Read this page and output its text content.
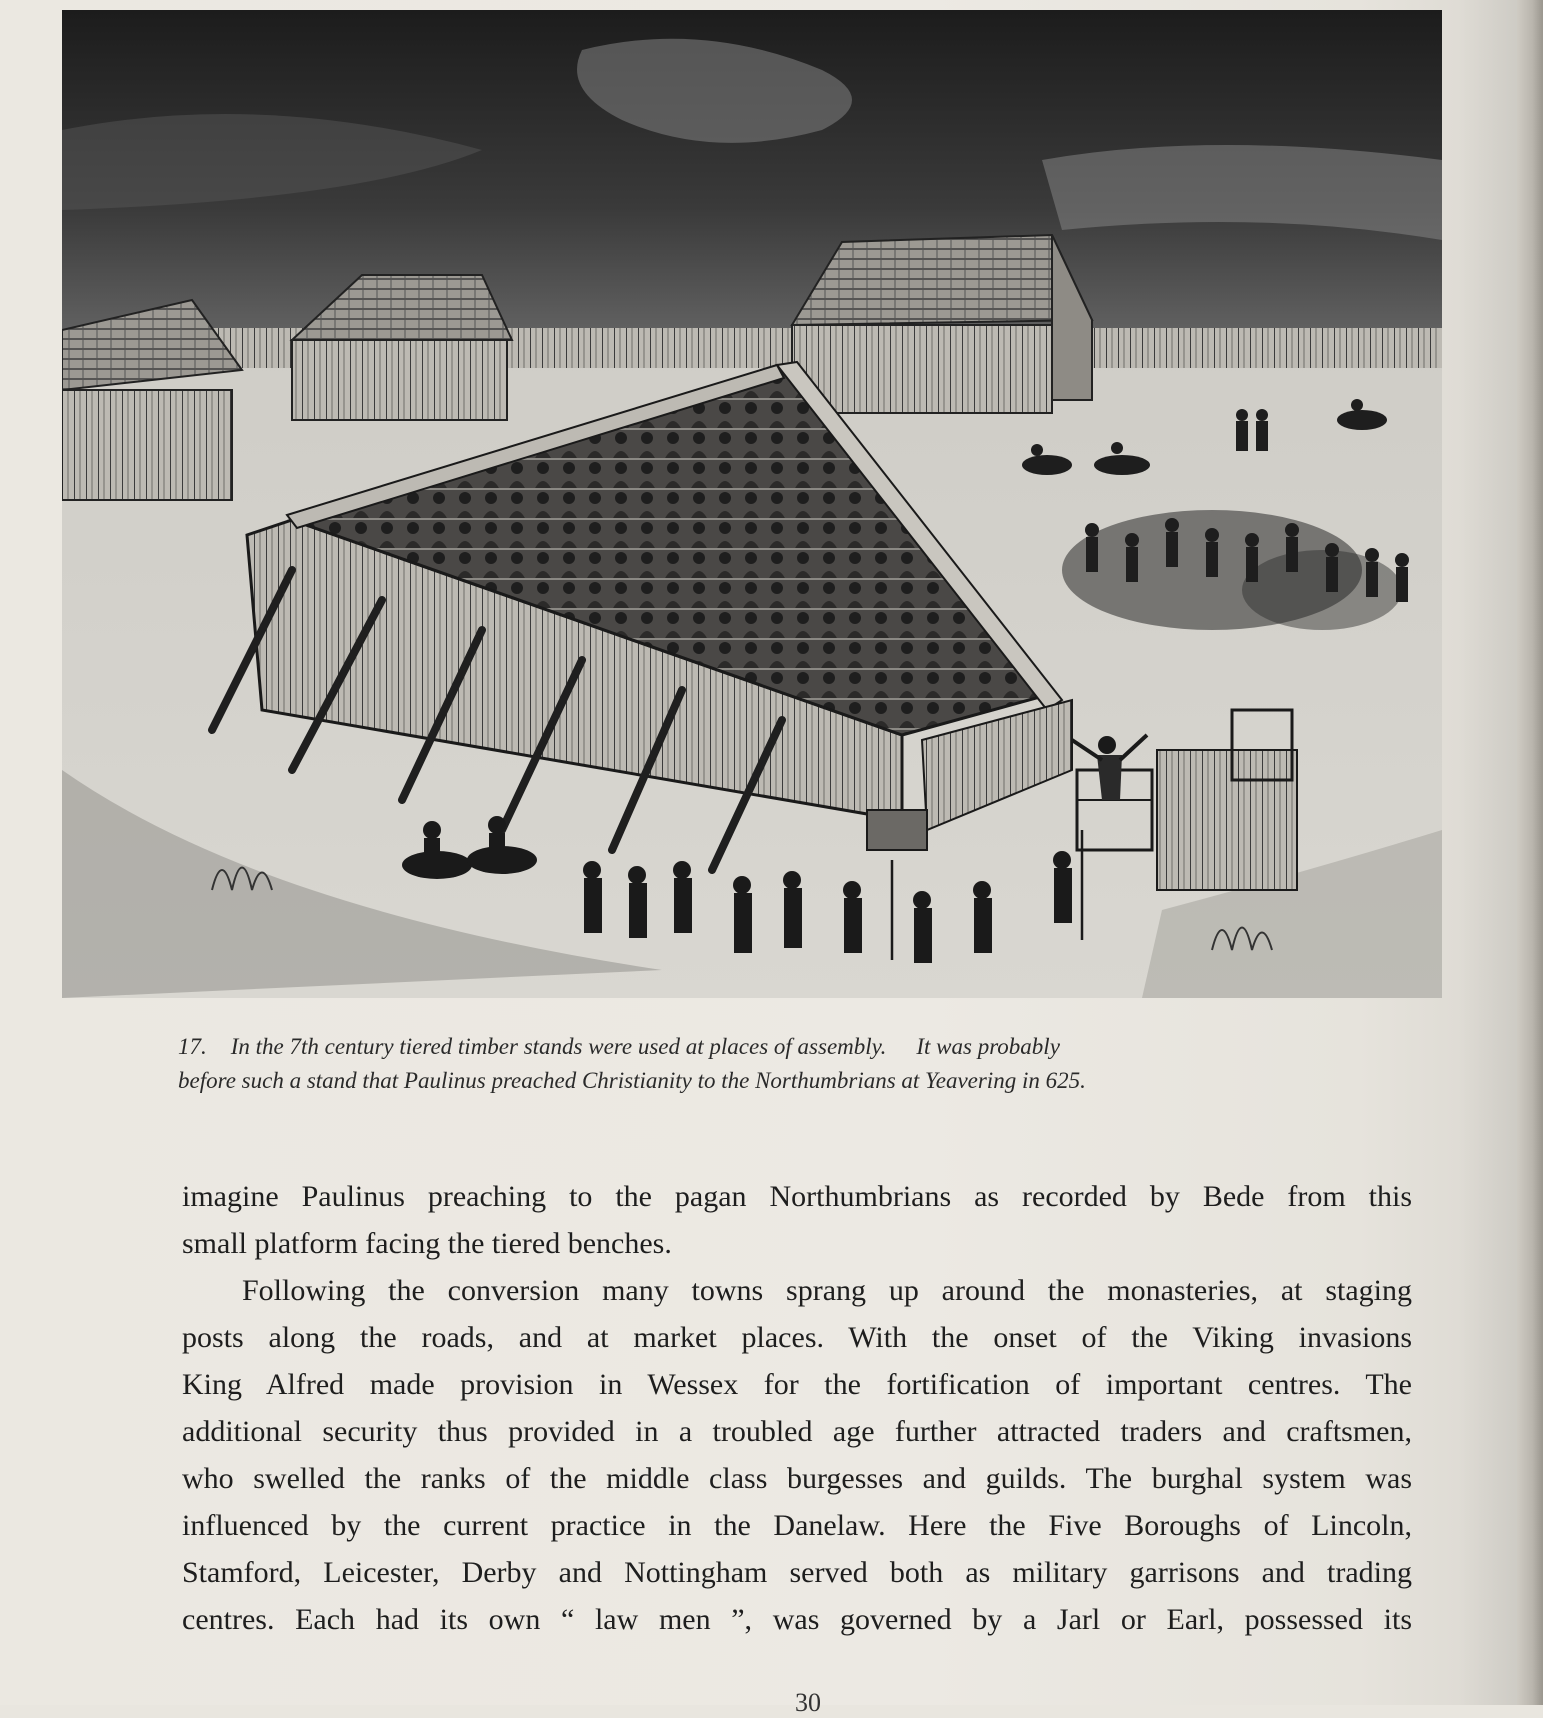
17. In the 7th century tiered timber stands were used at places of assembly. It was probably
before such a stand that Paulinus preached Christianity to the Northumbrians at Yeavering in 625.
imagine Paulinus preaching to the pagan Northumbrians as recorded by Bede from this
small platform facing the tiered benches.
Following the conversion many towns sprang up around the monasteries, at staging
posts along the roads, and at market places. With the onset of the Viking invasions
King Alfred made provision in Wessex for the fortification of important centres. The
additional security thus provided in a troubled age further attracted traders and craftsmen,
who swelled the ranks of the middle class burgesses and guilds. The burghal system was
influenced by the current practice in the Danelaw. Here the Five Boroughs of Lincoln,
Stamford, Leicester, Derby and Nottingham served both as military garrisons and trading
centres. Each had its own “ law men ”, was governed by a Jarl or Earl, possessed its
30
